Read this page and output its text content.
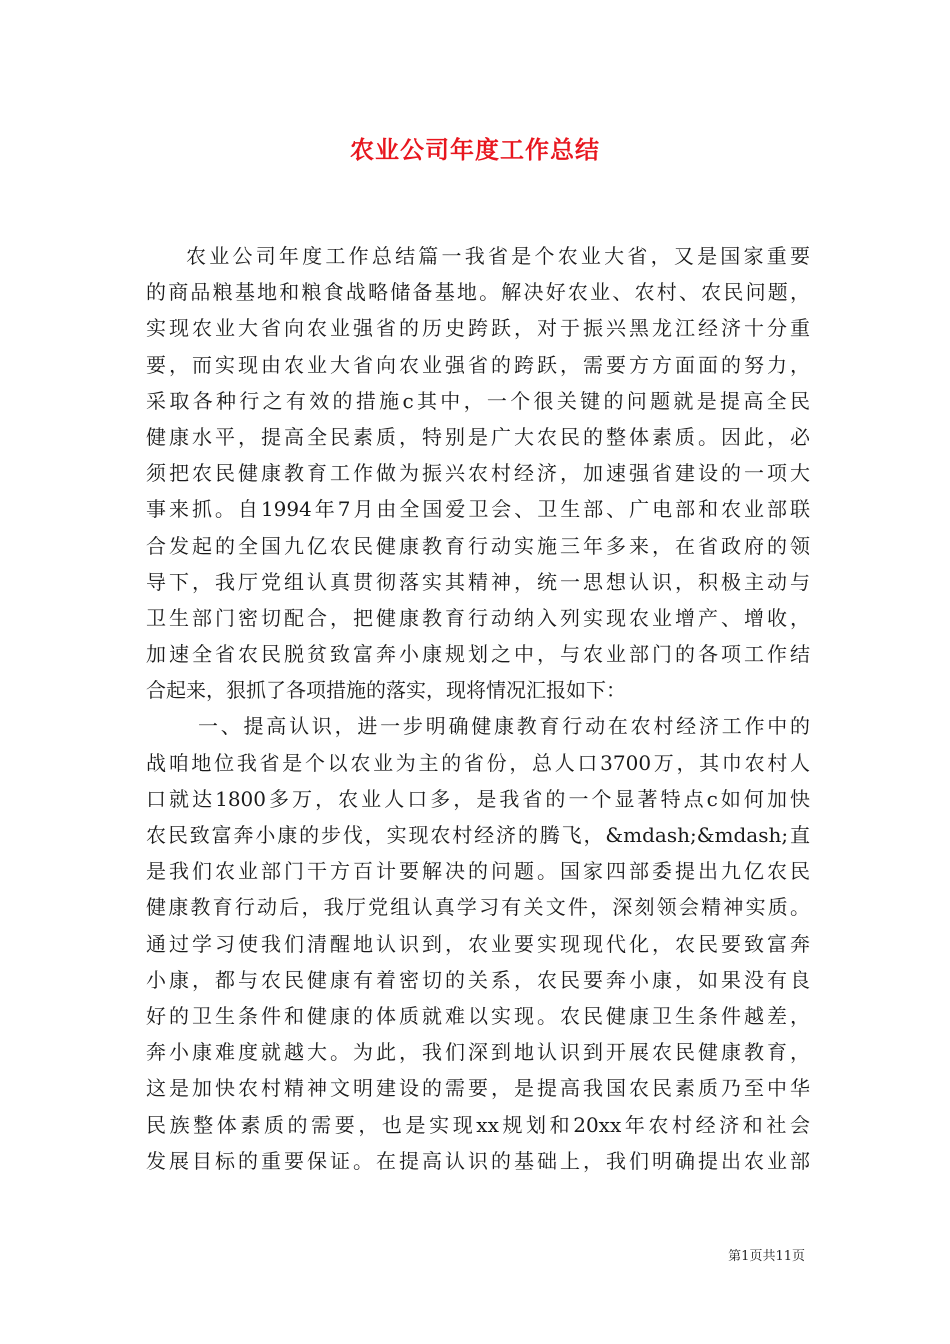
农业公司年度工作总结
农业公司年度工作总结篇一我省是个农业大省，又是国家重要
的商品粮基地和粮食战略储备基地。解决好农业、农村、农民问题，
实现农业大省向农业强省的历史跨跃，对于振兴黑龙江经济十分重
要，而实现由农业大省向农业强省的跨跃，需要方方面面的努力，
采取各种行之有效的措施c其中，一个很关键的问题就是提高全民
健康水平，提高全民素质，特别是广大农民的整体素质。因此，必
须把农民健康教育工作做为振兴农村经济，加速强省建设的一项大
事来抓。自1994年7月由全国爱卫会、卫生部、广电部和农业部联
合发起的全国九亿农民健康教育行动实施三年多来，在省政府的领
导下，我厅党组认真贯彻落实其精神，统一思想认识，积极主动与
卫生部门密切配合，把健康教育行动纳入列实现农业增产、增收，
加速全省农民脱贫致富奔小康规划之中，与农业部门的各项工作结
合起来，狠抓了各项措施的落实，现将情况汇报如下：
一、提高认识，进一步明确健康教育行动在农村经济工作中的
战咱地位我省是个以农业为主的省份，总人口3700万，其巾农村人
口就达1800多万，农业人口多，是我省的一个显著特点c如何加快
农民致富奔小康的步伐，实现农村经济的腾飞，&mdash;&mdash;直
是我们农业部门干方百计要解决的问题。国家四部委提出九亿农民
健康教育行动后，我厅党组认真学习有关文件，深刻领会精神实质。
通过学习使我们清醒地认识到，农业要实现现代化，农民要致富奔
小康，都与农民健康有着密切的关系，农民要奔小康，如果没有良
好的卫生条件和健康的体质就难以实现。农民健康卫生条件越差，
奔小康难度就越大。为此，我们深到地认识到开展农民健康教育，
这是加快农村精神文明建设的需要，是提高我国农民素质乃至中华
民族整体素质的需要，也是实现xx规划和20xx年农村经济和社会
发展目标的重要保证。在提高认识的基础上，我们明确提出农业部
第1页共11页
